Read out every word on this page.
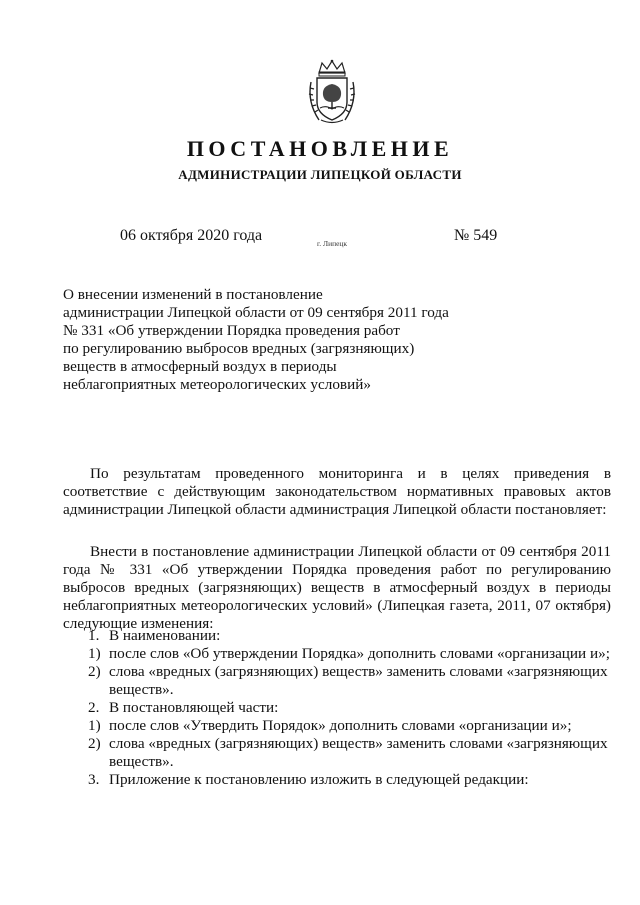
ПОСТАНОВЛЕНИЕ
АДМИНИСТРАЦИИ ЛИПЕЦКОЙ ОБЛАСТИ
06 октября 2020 года	г. Липецк	№ 549
О внесении изменений в постановление
администрации Липецкой области от 09 сентября 2011 года
№ 331 «Об утверждении Порядка проведения работ
по регулированию выбросов вредных (загрязняющих)
веществ в атмосферный воздух в периоды
неблагоприятных метеорологических условий»
По результатам проведенного мониторинга и в целях приведения в соответствие с действующим законодательством нормативных правовых актов администрации Липецкой области администрация Липецкой области постановляет:
Внести в постановление администрации Липецкой области от 09 сентября 2011 года № 331 «Об утверждении Порядка проведения работ по регулированию выбросов вредных (загрязняющих) веществ в атмосферный воздух в периоды неблагоприятных метеорологических условий» (Липецкая газета, 2011, 07 октября) следующие изменения:
1. В наименовании:
1) после слов «Об утверждении Порядка» дополнить словами «организации и»;
2) слова «вредных (загрязняющих) веществ» заменить словами «загрязняющих веществ».
2. В постановляющей части:
1) после слов «Утвердить Порядок» дополнить словами «организации и»;
2) слова «вредных (загрязняющих) веществ» заменить словами «загрязняющих веществ».
3. Приложение к постановлению изложить в следующей редакции:
